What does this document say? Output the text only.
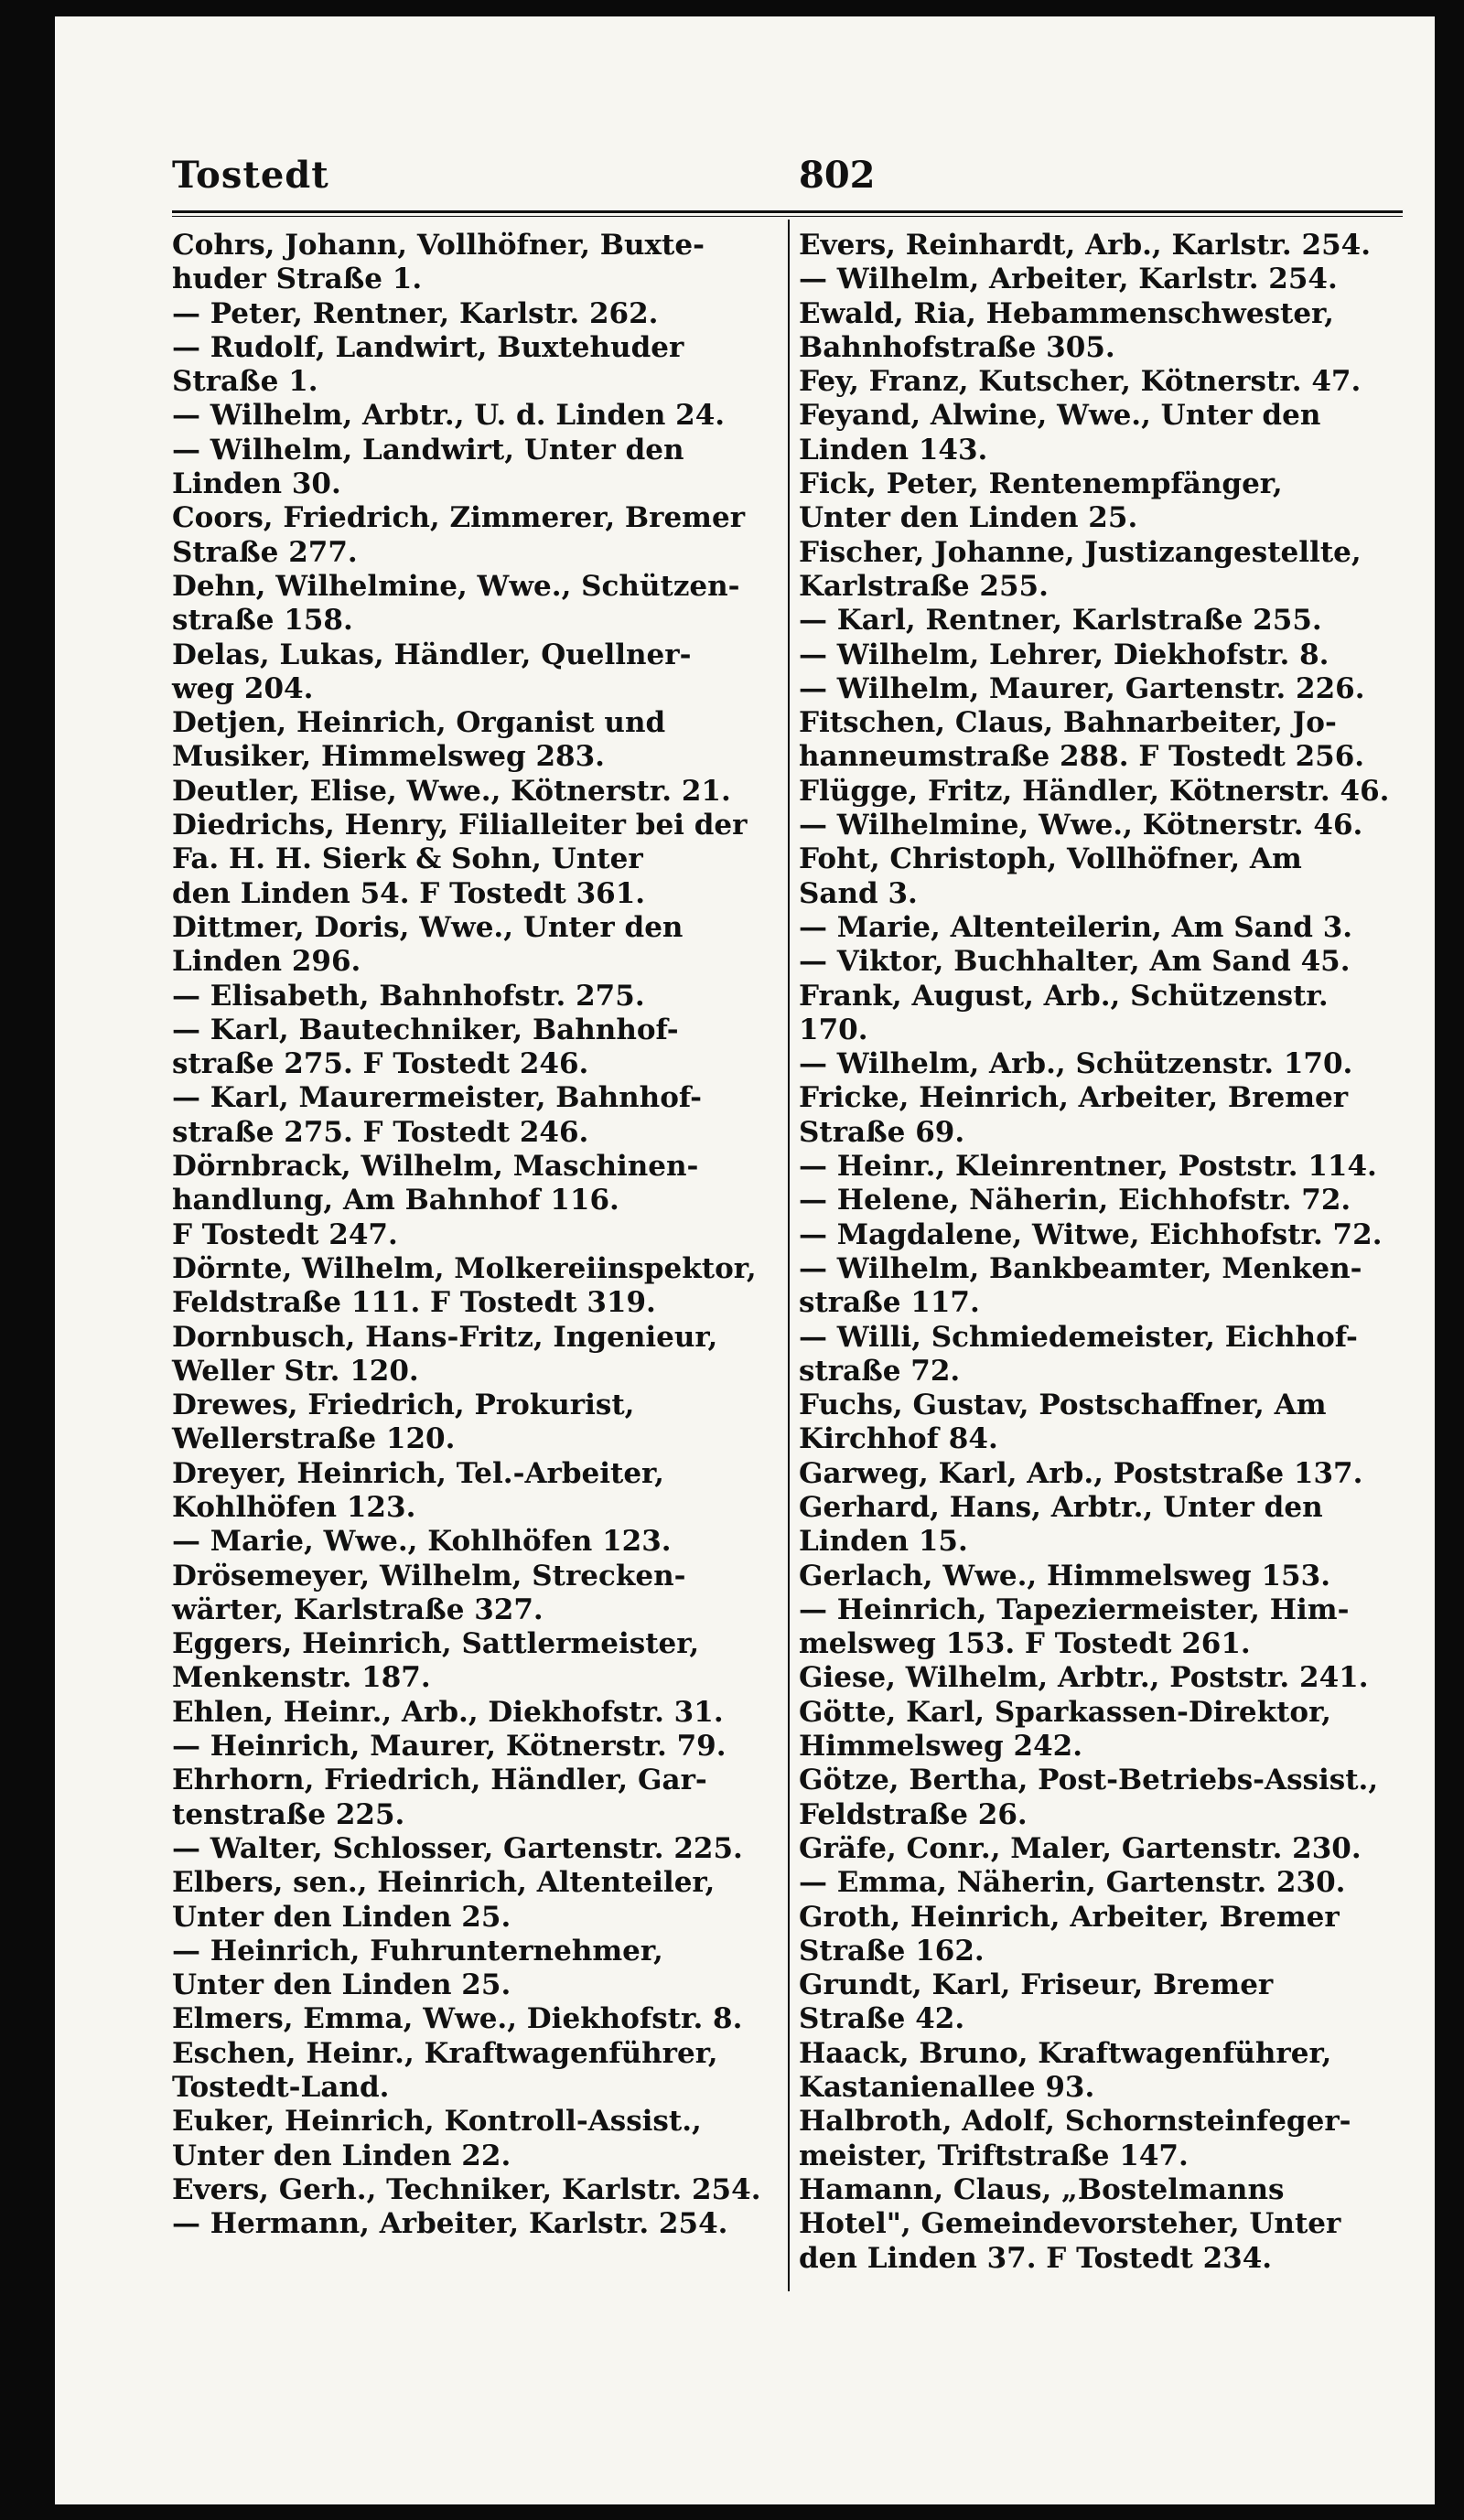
Tostedt	802

Cohrs, Johann, Vollhöfner, Buxte-

huder Straße 1.

— Peter, Rentner, Karlstr. 262.

— Rudolf, Landwirt, Buxtehuder

Straße 1.

— Wilhelm, Arbtr., U. d. Linden 24.

— Wilhelm, Landwirt, Unter den

Linden 30.

Coors, Friedrich, Zimmerer, Bremer

Straße 277.

Dehn, Wilhelmine, Wwe., Schützen-

straße 158.

Delas, Lukas, Händler, Quellner-

weg 204.

Detjen, Heinrich, Organist und

Musiker, Himmelsweg 283.

Deutler, Elise, Wwe., Kötnerstr. 21.

Diedrichs, Henry, Filialleiter bei der

Fa. H. H. Sierk & Sohn, Unter

den Linden 54. F Tostedt 361.

Dittmer, Doris, Wwe., Unter den

Linden 296.

— Elisabeth, Bahnhofstr. 275.

— Karl, Bautechniker, Bahnhof-

straße 275. F Tostedt 246.

— Karl, Maurermeister, Bahnhof-

straße 275. F Tostedt 246.

Dörnbrack, Wilhelm, Maschinen-

handlung, Am Bahnhof 116.

F Tostedt 247.

Dörnte, Wilhelm, Molkereiinspektor,

Feldstraße 111. F Tostedt 319.

Dornbusch, Hans-Fritz, Ingenieur,

Weller Str. 120.

Drewes, Friedrich, Prokurist,

Wellerstraße 120.

Dreyer, Heinrich, Tel.-Arbeiter,

Kohlhöfen 123.

— Marie, Wwe., Kohlhöfen 123.

Drösemeyer, Wilhelm, Strecken-

wärter, Karlstraße 327.

Eggers, Heinrich, Sattlermeister,

Menkenstr. 187.

Ehlen, Heinr., Arb., Diekhofstr. 31.

— Heinrich, Maurer, Kötnerstr. 79.

Ehrhorn, Friedrich, Händler, Gar-

tenstraße 225.

— Walter, Schlosser, Gartenstr. 225.

Elbers, sen., Heinrich, Altenteiler,

Unter den Linden 25.

— Heinrich, Fuhrunternehmer,

Unter den Linden 25.

Elmers, Emma, Wwe., Diekhofstr. 8.

Eschen, Heinr., Kraftwagenführer,

Tostedt-Land.

Euker, Heinrich, Kontroll-Assist.,

Unter den Linden 22.

Evers, Gerh., Techniker, Karlstr. 254.

— Hermann, Arbeiter, Karlstr. 254.

Evers, Reinhardt, Arb., Karlstr. 254.

— Wilhelm, Arbeiter, Karlstr. 254.

Ewald, Ria, Hebammenschwester,

Bahnhofstraße 305.

Fey, Franz, Kutscher, Kötnerstr. 47.

Feyand, Alwine, Wwe., Unter den

Linden 143.

Fick, Peter, Rentenempfänger,

Unter den Linden 25.

Fischer, Johanne, Justizangestellte,

Karlstraße 255.

— Karl, Rentner, Karlstraße 255.

— Wilhelm, Lehrer, Diekhofstr. 8.

— Wilhelm, Maurer, Gartenstr. 226.

Fitschen, Claus, Bahnarbeiter, Jo-

hanneumstraße 288. F Tostedt 256.

Flügge, Fritz, Händler, Kötnerstr. 46.

— Wilhelmine, Wwe., Kötnerstr. 46.

Foht, Christoph, Vollhöfner, Am

Sand 3.

— Marie, Altenteilerin, Am Sand 3.

— Viktor, Buchhalter, Am Sand 45.

Frank, August, Arb., Schützenstr. 170.

— Wilhelm, Arb., Schützenstr. 170.

Fricke, Heinrich, Arbeiter, Bremer

Straße 69.

— Heinr., Kleinrentner, Poststr. 114.

— Helene, Näherin, Eichhofstr. 72.

— Magdalene, Witwe, Eichhofstr. 72.

— Wilhelm, Bankbeamter, Menken-

straße 117.

— Willi, Schmiedemeister, Eichhof-

straße 72.

Fuchs, Gustav, Postschaffner, Am

Kirchhof 84.

Garweg, Karl, Arb., Poststraße 137.

Gerhard, Hans, Arbtr., Unter den

Linden 15.

Gerlach, Wwe., Himmelsweg 153.

— Heinrich, Tapeziermeister, Him-

melsweg 153. F Tostedt 261.

Giese, Wilhelm, Arbtr., Poststr. 241.

Götte, Karl, Sparkassen-Direktor,

Himmelsweg 242.

Götze, Bertha, Post-Betriebs-Assist.,

Feldstraße 26.

Gräfe, Conr., Maler, Gartenstr. 230.

— Emma, Näherin, Gartenstr. 230.

Groth, Heinrich, Arbeiter, Bremer

Straße 162.

Grundt, Karl, Friseur, Bremer

Straße 42.

Haack, Bruno, Kraftwagenführer,

Kastanienallee 93.

Halbroth, Adolf, Schornsteinfeger-

meister, Triftstraße 147.

Hamann, Claus, „Bostelmanns

Hotel", Gemeindevorsteher, Unter

den Linden 37. F Tostedt 234.
